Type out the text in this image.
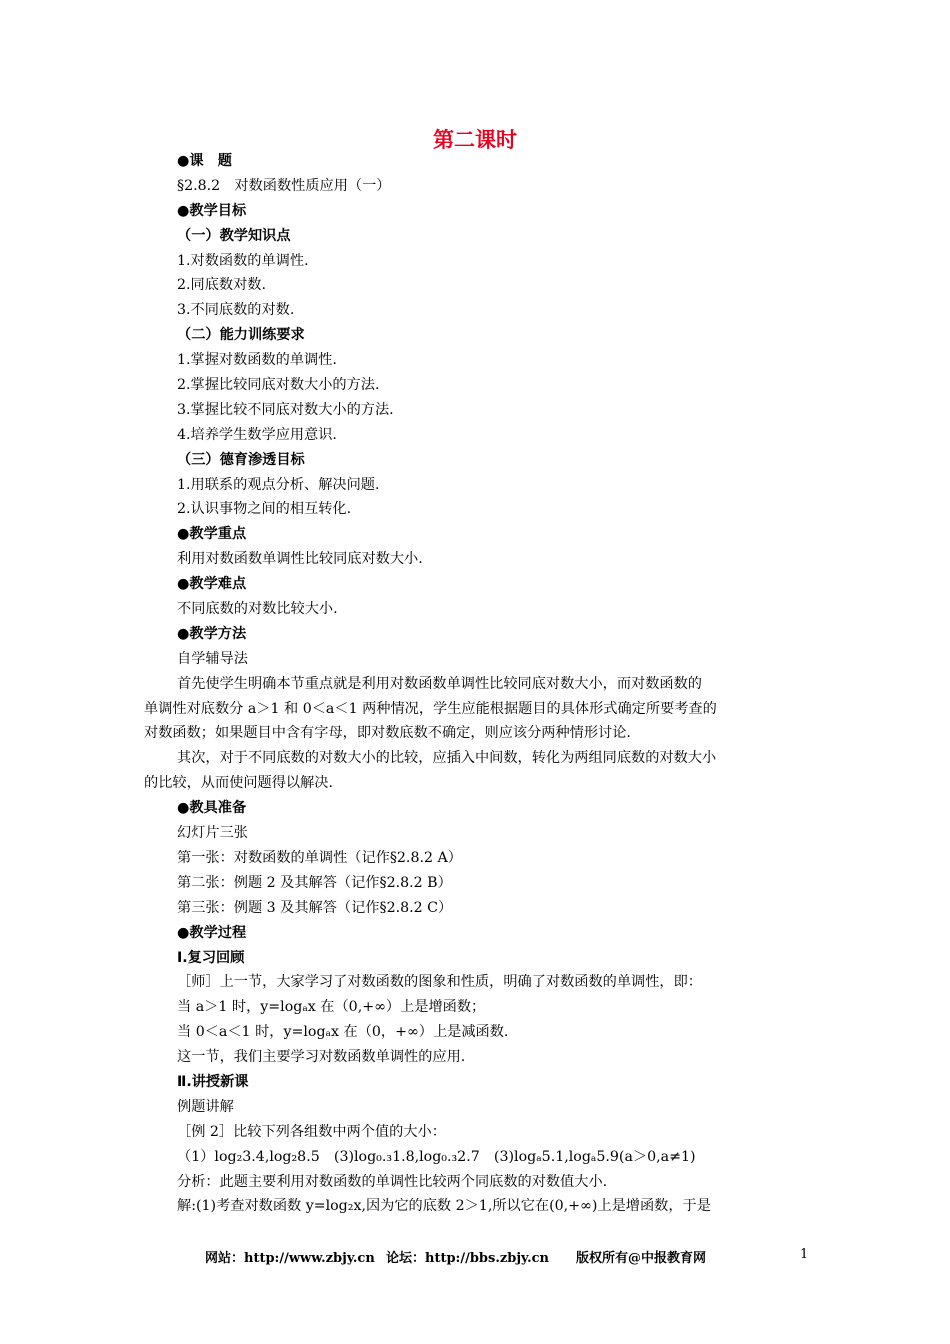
第二课时
●课　题
§2.8.2　对数函数性质应用（一）
●教学目标
（一）教学知识点
1.对数函数的单调性.
2.同底数对数.
3.不同底数的对数.
（二）能力训练要求
1.掌握对数函数的单调性.
2.掌握比较同底对数大小的方法.
3.掌握比较不同底对数大小的方法.
4.培养学生数学应用意识.
（三）德育渗透目标
1.用联系的观点分析、解决问题.
2.认识事物之间的相互转化.
●教学重点
利用对数函数单调性比较同底对数大小.
●教学难点
不同底数的对数比较大小.
●教学方法
自学辅导法
首先使学生明确本节重点就是利用对数函数单调性比较同底对数大小，而对数函数的
单调性对底数分 a＞1 和 0＜a＜1 两种情况，学生应能根据题目的具体形式确定所要考查的
对数函数；如果题目中含有字母，即对数底数不确定，则应该分两种情形讨论.
其次，对于不同底数的对数大小的比较，应插入中间数，转化为两组同底数的对数大小
的比较，从而使问题得以解决.
●教具准备
幻灯片三张
第一张：对数函数的单调性（记作§2.8.2 A）
第二张：例题 2 及其解答（记作§2.8.2 B）
第三张：例题 3 及其解答（记作§2.8.2 C）
●教学过程
Ⅰ.复习回顾
［师］上一节，大家学习了对数函数的图象和性质，明确了对数函数的单调性，即：
当 a＞1 时，y=logₐx 在（0,+∞）上是增函数；
当 0＜a＜1 时，y=logₐx 在（0，+∞）上是减函数.
这一节，我们主要学习对数函数单调性的应用.
Ⅱ.讲授新课
例题讲解
［例 2］比较下列各组数中两个值的大小：
（1）log₂3.4,log₂8.5　(3)log₀.₃1.8,log₀.₃2.7　(3)logₐ5.1,logₐ5.9(a＞0,a≠1)
分析：此题主要利用对数函数的单调性比较两个同底数的对数值大小.
解:(1)考查对数函数 y=log₂x,因为它的底数 2＞1,所以它在(0,+∞)上是增函数，于是
网站：http://www.zbjy.cn 论坛：http://bbs.zbjy.cn 版权所有@中报教育网	1
